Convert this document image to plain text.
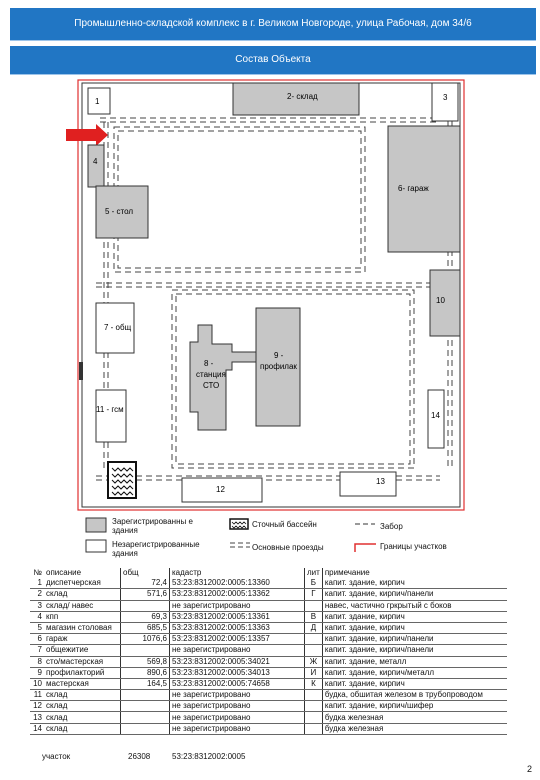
Промышленно-складской комплекс в г. Великом Новгороде, улица Рабочая, дом 34/6
Состав Объекта
1
2- склад	3
4
5 - стол
6- гараж
7 - общ
8 -
станция
СТО
9 -
профилак
10
11 - гсм
12
13
14
Зарегистрированны е здания
Незарегистрированные здания
Сточный бассейн
Основные проезды
Забор
Границы участков
№	описание	общ	кадастр	лит	примечание
1	диспетчерская	72,4	53:23:8312002:0005:13360	Б	капит. здание, кирпич
2	склад	571,6	53:23:8312002:0005:13362	Г	капит. здание, кирпич/панели
3	склад/ навес		не зарегистрировано		навес, частично гркрытый с боков
4	кпп	69,3	53:23:8312002:0005:13361	В	капит. здание, кирпич
5	магазин столовая	685,5	53:23:8312002:0005:13363	Д	капит. здание, кирпич
6	гараж	1076,6	53:23:8312002:0005:13357		капит. здание, кирпич/панели
7	общежитие		не зарегистрировано		капит. здание, кирпич/панели
8	сто/мастерская	569,8	53:23:8312002:0005:34021	Ж	капит. здание, металл
9	профилакторий	890,6	53:23:8312002:0005:34013	И	капит. здание, кирпич/металл
10	мастерская	164,5	53:23:8312002:0005:74658	К	капит. здание, кирпич
11	склад		не зарегистрировано		будка, обшитая железом в трубопроводом
12	склад		не зарегистрировано		капит. здание, кирпич/шифер
13	склад		не зарегистрировано		будка железная
14	склад		не зарегистрировано		будка железная
участок	26308	53:23:8312002:0005
2
